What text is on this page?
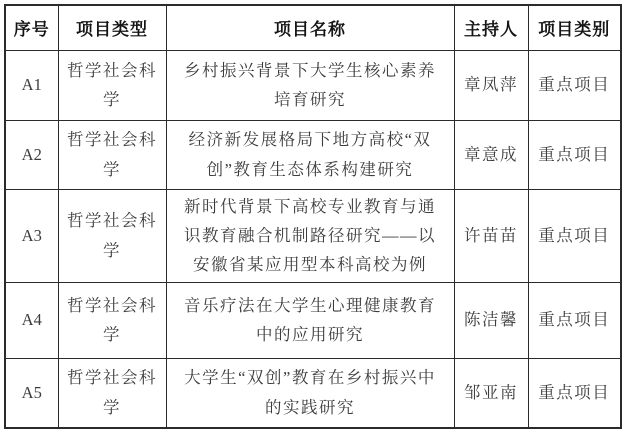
序号	项目类型	项目名称	主持人	项目类别
A1	哲学社会科学	乡村振兴背景下大学生核心素养培育研究	章凤萍	重点项目
A2	哲学社会科学	经济新发展格局下地方高校“双创”教育生态体系构建研究	章意成	重点项目
A3	哲学社会科学	新时代背景下高校专业教育与通识教育融合机制路径研究——以安徽省某应用型本科高校为例	许苗苗	重点项目
A4	哲学社会科学	音乐疗法在大学生心理健康教育中的应用研究	陈洁馨	重点项目
A5	哲学社会科学	大学生“双创”教育在乡村振兴中的实践研究	邹亚南	重点项目
